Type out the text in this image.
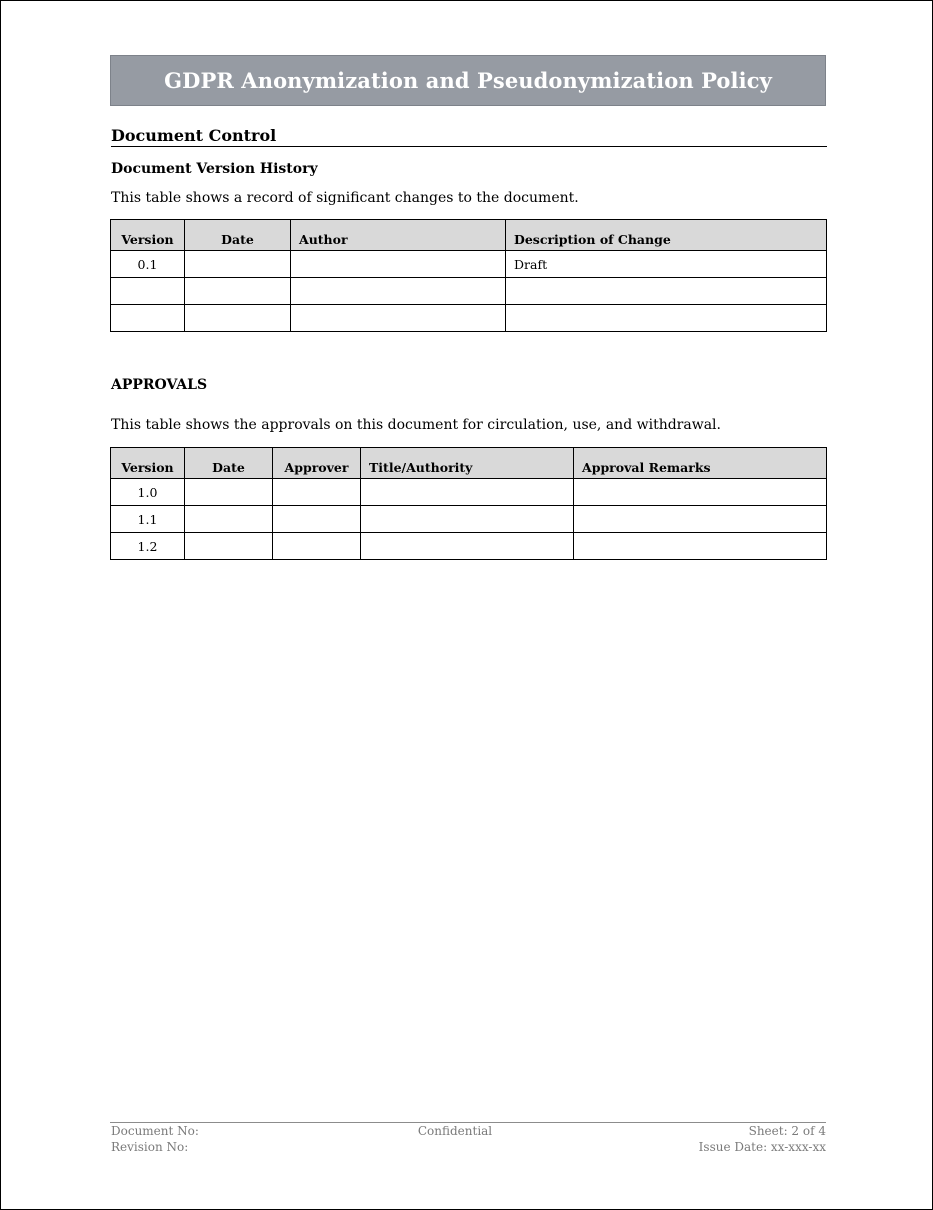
GDPR Anonymization and Pseudonymization Policy
Document Control
Document Version History
This table shows a record of significant changes to the document.
Version	Date	Author	Description of Change
0.1			Draft

APPROVALS
This table shows the approvals on this document for circulation, use, and withdrawal.
Version	Date	Approver	Title/Authority	Approval Remarks
1.0				
1.1				
1.2				
Document No:
Revision No:
Confidential	Sheet: 2 of 4
Issue Date: xx-xxx-xx
